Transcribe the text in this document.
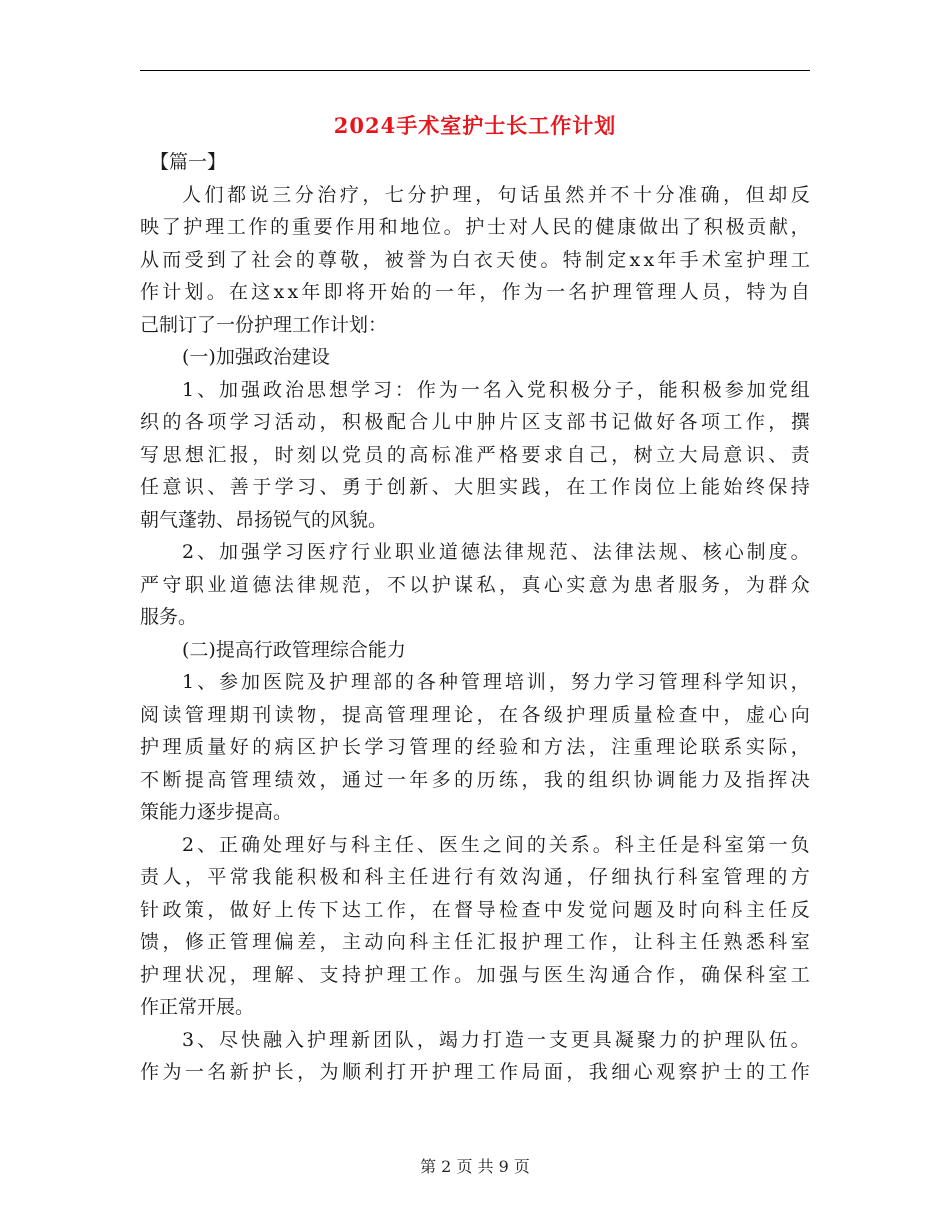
2024手术室护士长工作计划
【篇一】
人 们 都 说 三 分 治 疗 ， 七 分 护 理 ， 句 话 虽 然 并 不 十 分 准 确 ， 但 却 反
映 了 护 理 工 作 的 重 要 作 用 和 地 位 。 护 士 对 人 民 的 健 康 做 出 了 积 极 贡 献 ，
从 而 受 到 了 社 会 的 尊 敬 ， 被 誉 为 白 衣 天 使 。 特 制 定 x x 年 手 术 室 护 理 工
作 计 划 。 在 这 x x 年 即 将 开 始 的 一 年 ， 作 为 一 名 护 理 管 理 人 员 ， 特 为 自
己制订了一份护理工作计划：
(一)加强政治建设
1 、 加 强 政 治 思 想 学 习 ： 作 为 一 名 入 党 积 极 分 子 ， 能 积 极 参 加 党 组
织 的 各 项 学 习 活 动 ， 积 极 配 合 儿 中 肿 片 区 支 部 书 记 做 好 各 项 工 作 ， 撰
写 思 想 汇 报 ， 时 刻 以 党 员 的 高 标 准 严 格 要 求 自 己 ， 树 立 大 局 意 识 、 责
任 意 识 、 善 于 学 习 、 勇 于 创 新 、 大 胆 实 践 ， 在 工 作 岗 位 上 能 始 终 保 持
朝气蓬勃、昂扬锐气的风貌。
2 、 加 强 学 习 医 疗 行 业 职 业 道 德 法 律 规 范 、 法 律 法 规 、 核 心 制 度 。
严 守 职 业 道 德 法 律 规 范 ， 不 以 护 谋 私 ， 真 心 实 意 为 患 者 服 务 ， 为 群 众
服务。
(二)提高行政管理综合能力
1 、 参 加 医 院 及 护 理 部 的 各 种 管 理 培 训 ， 努 力 学 习 管 理 科 学 知 识 ，
阅 读 管 理 期 刊 读 物 ， 提 高 管 理 理 论 ， 在 各 级 护 理 质 量 检 查 中 ， 虚 心 向
护 理 质 量 好 的 病 区 护 长 学 习 管 理 的 经 验 和 方 法 ， 注 重 理 论 联 系 实 际 ，
不 断 提 高 管 理 绩 效 ， 通 过 一 年 多 的 历 练 ， 我 的 组 织 协 调 能 力 及 指 挥 决
策能力逐步提高。
2 、 正 确 处 理 好 与 科 主 任 、 医 生 之 间 的 关 系 。 科 主 任 是 科 室 第 一 负
责 人 ， 平 常 我 能 积 极 和 科 主 任 进 行 有 效 沟 通 ， 仔 细 执 行 科 室 管 理 的 方
针 政 策 ， 做 好 上 传 下 达 工 作 ， 在 督 导 检 查 中 发 觉 问 题 及 时 向 科 主 任 反
馈 ， 修 正 管 理 偏 差 ， 主 动 向 科 主 任 汇 报 护 理 工 作 ， 让 科 主 任 熟 悉 科 室
护 理 状 况 ， 理 解 、 支 持 护 理 工 作 。 加 强 与 医 生 沟 通 合 作 ， 确 保 科 室 工
作正常开展。
3 、 尽 快 融 入 护 理 新 团 队 ， 竭 力 打 造 一 支 更 具 凝 聚 力 的 护 理 队 伍 。
作 为 一 名 新 护 长 ， 为 顺 利 打 开 护 理 工 作 局 面 ， 我 细 心 观 察 护 士 的 工 作
第 2 页 共 9 页
